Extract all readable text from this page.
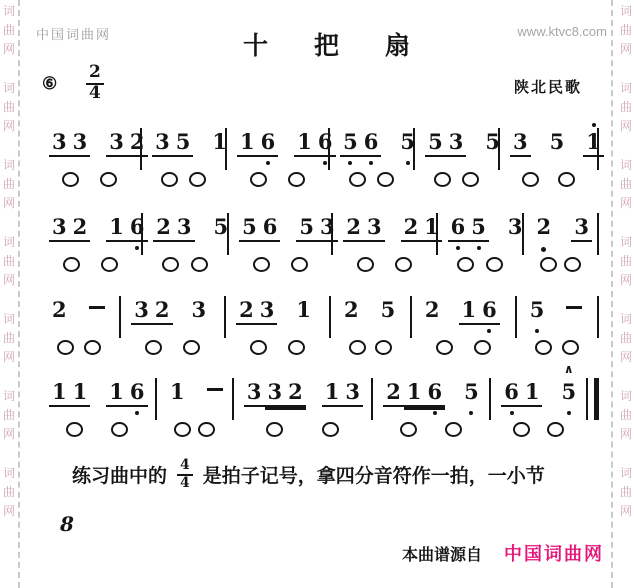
词
曲
网
词
曲
网
词
曲
网
词
曲
网
词
曲
网
词
曲
网
词
曲
网
词
曲
网
词
曲
网
词
曲
网
词
曲
网
词
曲
网
词
曲
网
词
曲
网
中国词曲网	www.ktvc8.com
十把扇
⑥ $\frac{2}{4}$	陕北民歌
3 3 3 2 3 5 1 1 6 1 6 5 6 5 5 3 5 3 5 1
3 2 1 6 2 3 5 5 6 5 3 2 3 2 1 6 5 3 2 3
2	3 2 3 2 3 1 2 5 2 1 6 5
1 1 1 6 1	3 3 2 1 3 2 1 6 5 6 1 5
∧
练习曲中的 $\frac{4}{4}$ 是拍子记号，拿四分音符作一拍，一小节
8
本曲谱源自 中国词曲网
